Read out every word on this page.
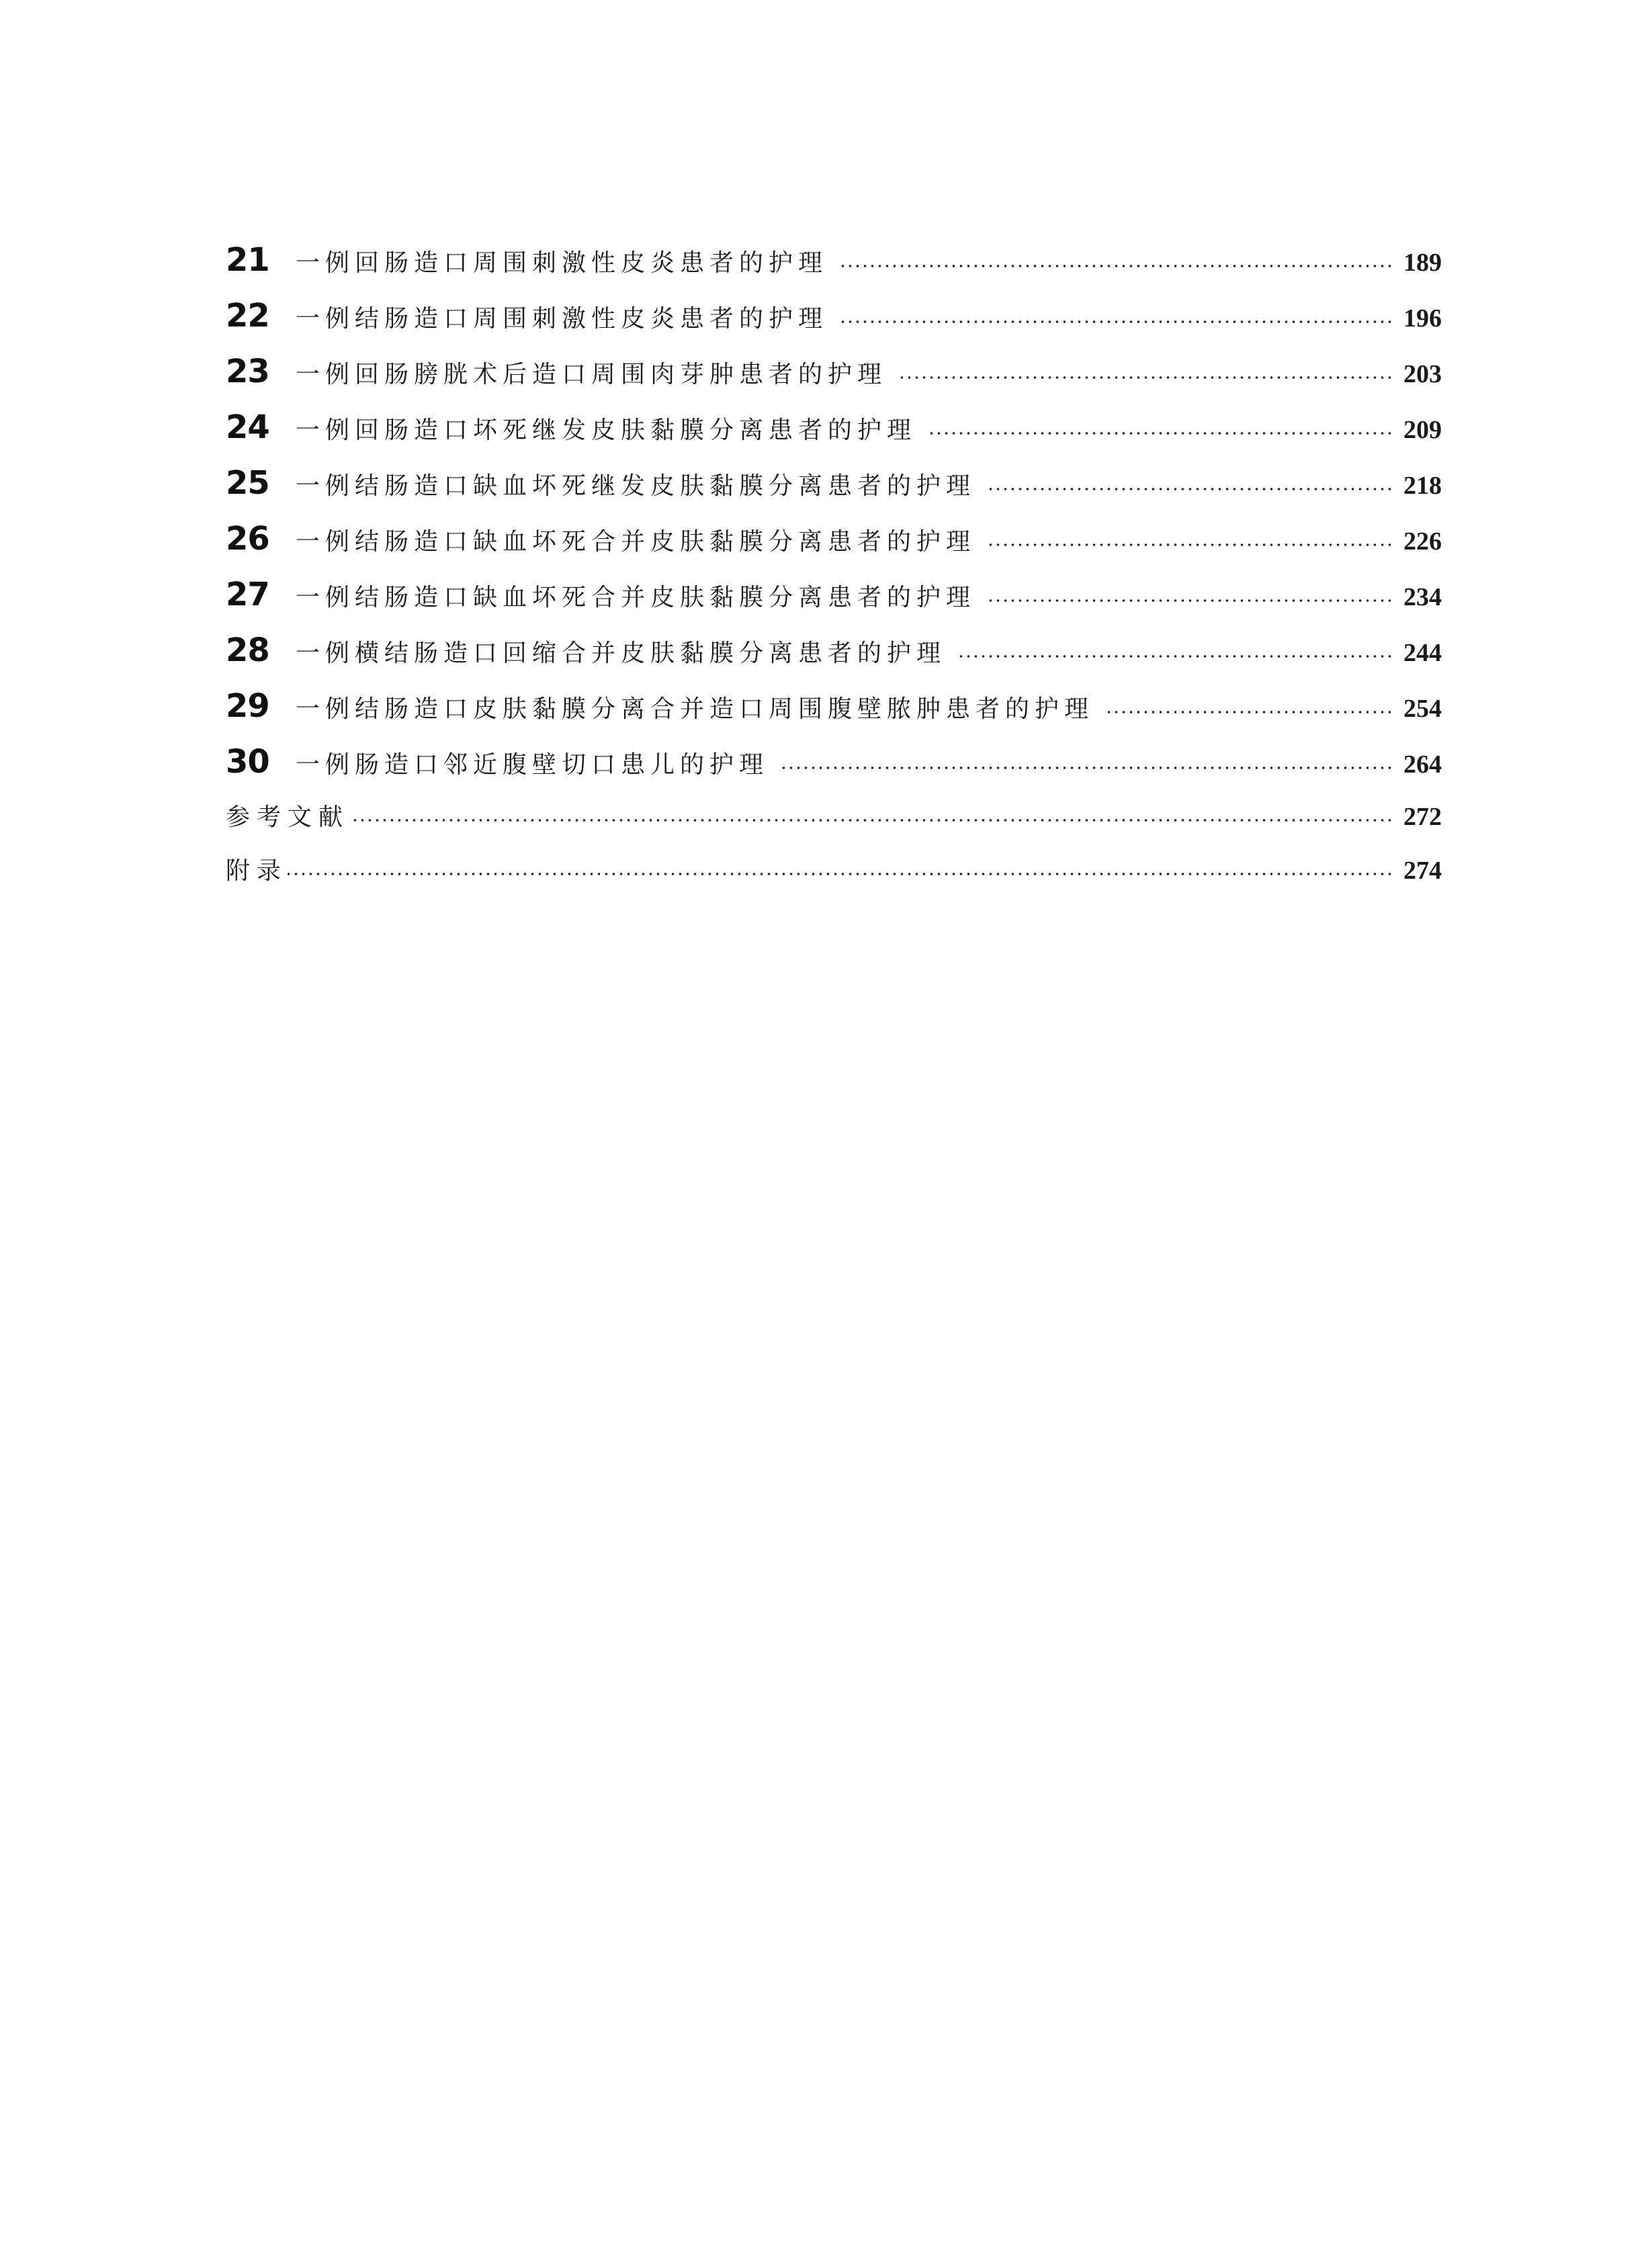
21	一例回肠造口周围刺激性皮炎患者的护理	189
22	一例结肠造口周围刺激性皮炎患者的护理	196
23	一例回肠膀胱术后造口周围肉芽肿患者的护理	203
24	一例回肠造口坏死继发皮肤黏膜分离患者的护理	209
25	一例结肠造口缺血坏死继发皮肤黏膜分离患者的护理	218
26	一例结肠造口缺血坏死合并皮肤黏膜分离患者的护理	226
27	一例结肠造口缺血坏死合并皮肤黏膜分离患者的护理	234
28	一例横结肠造口回缩合并皮肤黏膜分离患者的护理	244
29	一例结肠造口皮肤黏膜分离合并造口周围腹壁脓肿患者的护理	254
30	一例肠造口邻近腹壁切口患儿的护理	264
参考文献	272
附录	274
